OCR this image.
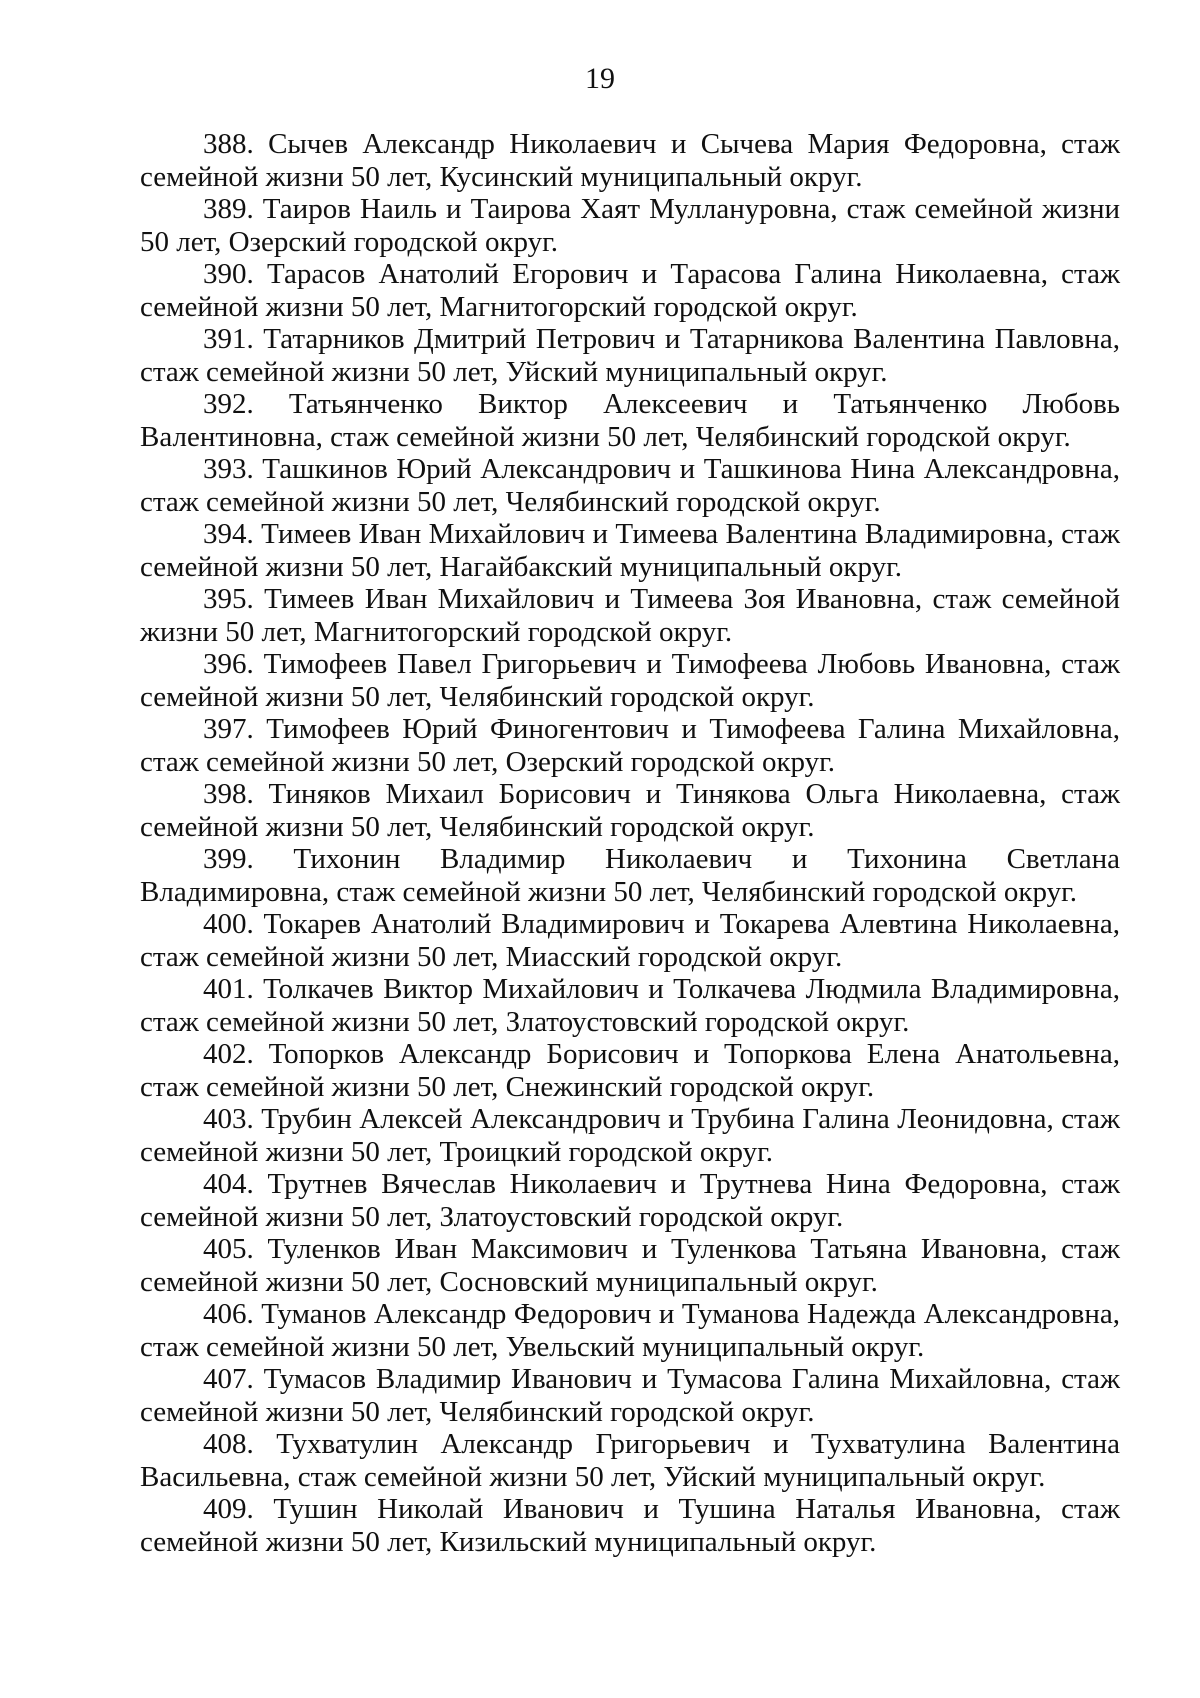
19
388. Сычев Александр Николаевич и Сычева Мария Федоровна, стаж семейной жизни 50 лет, Кусинский муниципальный округ.
389. Таиров Наиль и Таирова Хаят Муллануровна, стаж семейной жизни 50 лет, Озерский городской округ.
390. Тарасов Анатолий Егорович и Тарасова Галина Николаевна, стаж семейной жизни 50 лет, Магнитогорский городской округ.
391. Татарников Дмитрий Петрович и Татарникова Валентина Павловна, стаж семейной жизни 50 лет, Уйский муниципальный округ.
392. Татьянченко Виктор Алексеевич и Татьянченко Любовь Валентиновна, стаж семейной жизни 50 лет, Челябинский городской округ.
393. Ташкинов Юрий Александрович и Ташкинова Нина Александровна, стаж семейной жизни 50 лет, Челябинский городской округ.
394. Тимеев Иван Михайлович и Тимеева Валентина Владимировна, стаж семейной жизни 50 лет, Нагайбакский муниципальный округ.
395. Тимеев Иван Михайлович и Тимеева Зоя Ивановна, стаж семейной жизни 50 лет, Магнитогорский городской округ.
396. Тимофеев Павел Григорьевич и Тимофеева Любовь Ивановна, стаж семейной жизни 50 лет, Челябинский городской округ.
397. Тимофеев Юрий Финогентович и Тимофеева Галина Михайловна, стаж семейной жизни 50 лет, Озерский городской округ.
398. Тиняков Михаил Борисович и Тинякова Ольга Николаевна, стаж семейной жизни 50 лет, Челябинский городской округ.
399. Тихонин Владимир Николаевич и Тихонина Светлана Владимировна, стаж семейной жизни 50 лет, Челябинский городской округ.
400. Токарев Анатолий Владимирович и Токарева Алевтина Николаевна, стаж семейной жизни 50 лет, Миасский городской округ.
401. Толкачев Виктор Михайлович и Толкачева Людмила Владимировна, стаж семейной жизни 50 лет, Златоустовский городской округ.
402. Топорков Александр Борисович и Топоркова Елена Анатольевна, стаж семейной жизни 50 лет, Снежинский городской округ.
403. Трубин Алексей Александрович и Трубина Галина Леонидовна, стаж семейной жизни 50 лет, Троицкий городской округ.
404. Трутнев Вячеслав Николаевич и Трутнева Нина Федоровна, стаж семейной жизни 50 лет, Златоустовский городской округ.
405. Туленков Иван Максимович и Туленкова Татьяна Ивановна, стаж семейной жизни 50 лет, Сосновский муниципальный округ.
406. Туманов Александр Федорович и Туманова Надежда Александровна, стаж семейной жизни 50 лет, Увельский муниципальный округ.
407. Тумасов Владимир Иванович и Тумасова Галина Михайловна, стаж семейной жизни 50 лет, Челябинский городской округ.
408. Тухватулин Александр Григорьевич и Тухватулина Валентина Васильевна, стаж семейной жизни 50 лет, Уйский муниципальный округ.
409. Тушин Николай Иванович и Тушина Наталья Ивановна, стаж семейной жизни 50 лет, Кизильский муниципальный округ.
